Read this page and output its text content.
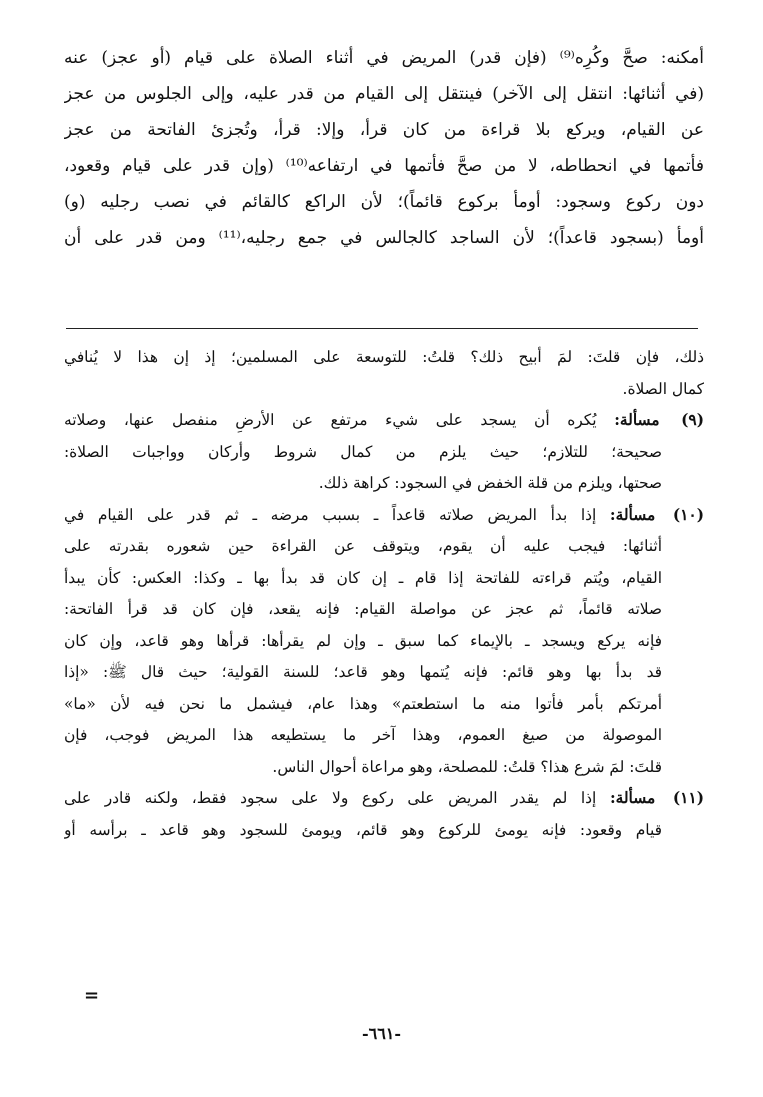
أمكنه: صحَّ وكُرِه⁽⁹⁾ (فإن قدر) المريض في أثناء الصلاة على قيام (أو عجز) عنه
(في أثنائها: انتقل إلى الآخر) فينتقل إلى القيام من قدر عليه، وإلى الجلوس من عجز
عن القيام، ويركع بلا قراءة من كان قرأ، وإلا: قرأ، وتُجزئ الفاتحة من عجز
فأتمها في انحطاطه، لا من صحَّ فأتمها في ارتفاعه⁽¹⁰⁾ (وإن قدر على قيام وقعود،
دون ركوع وسجود: أومأ بركوع قائماً)؛ لأن الراكع كالقائم في نصب رجليه (و)
أومأ (بسجود قاعداً)؛ لأن الساجد كالجالس في جمع رجليه،⁽¹¹⁾ ومن قدر على أن
ذلك، فإن قلتَ: لمَ أبيح ذلك؟ قلتُ: للتوسعة على المسلمين؛ إذ إن هذا لا يُنافي
كمال الصلاة.
(٩) مسألة: يُكره أن يسجد على شيء مرتفع عن الأرضِ منفصل عنها، وصلاته
صحيحة؛ للتلازم؛ حيث يلزم من كمال شروط وأركان وواجبات الصلاة:
صحتها، ويلزم من قلة الخفض في السجود: كراهة ذلك.
(١٠) مسألة: إذا بدأ المريض صلاته قاعداً ـ بسبب مرضه ـ ثم قدر على القيام في
أثنائها: فيجب عليه أن يقوم، ويتوقف عن القراءة حين شعوره بقدرته على
القيام، ويُتم قراءته للفاتحة إذا قام ـ إن كان قد بدأ بها ـ وكذا: العكس: كأن يبدأ
صلاته قائماً، ثم عجز عن مواصلة القيام: فإنه يقعد، فإن كان قد قرأ الفاتحة:
فإنه يركع ويسجد ـ بالإيماء كما سبق ـ وإن لم يقرأها: قرأها وهو قاعد، وإن كان
قد بدأ بها وهو قائم: فإنه يُتمها وهو قاعد؛ للسنة القولية؛ حيث قال ﷺ: «إذا
أمرتكم بأمر فأتوا منه ما استطعتم» وهذا عام، فيشمل ما نحن فيه لأن «ما»
الموصولة من صيغ العموم، وهذا آخر ما يستطيعه هذا المريض فوجب، فإن
قلتَ: لمَ شرع هذا؟ قلتُ: للمصلحة، وهو مراعاة أحوال الناس.
(١١) مسألة: إذا لم يقدر المريض على ركوع ولا على سجود فقط، ولكنه قادر على
قيام وقعود: فإنه يومئ للركوع وهو قائم، ويومئ للسجود وهو قاعد ـ برأسه أو
=
-٦٦١-
